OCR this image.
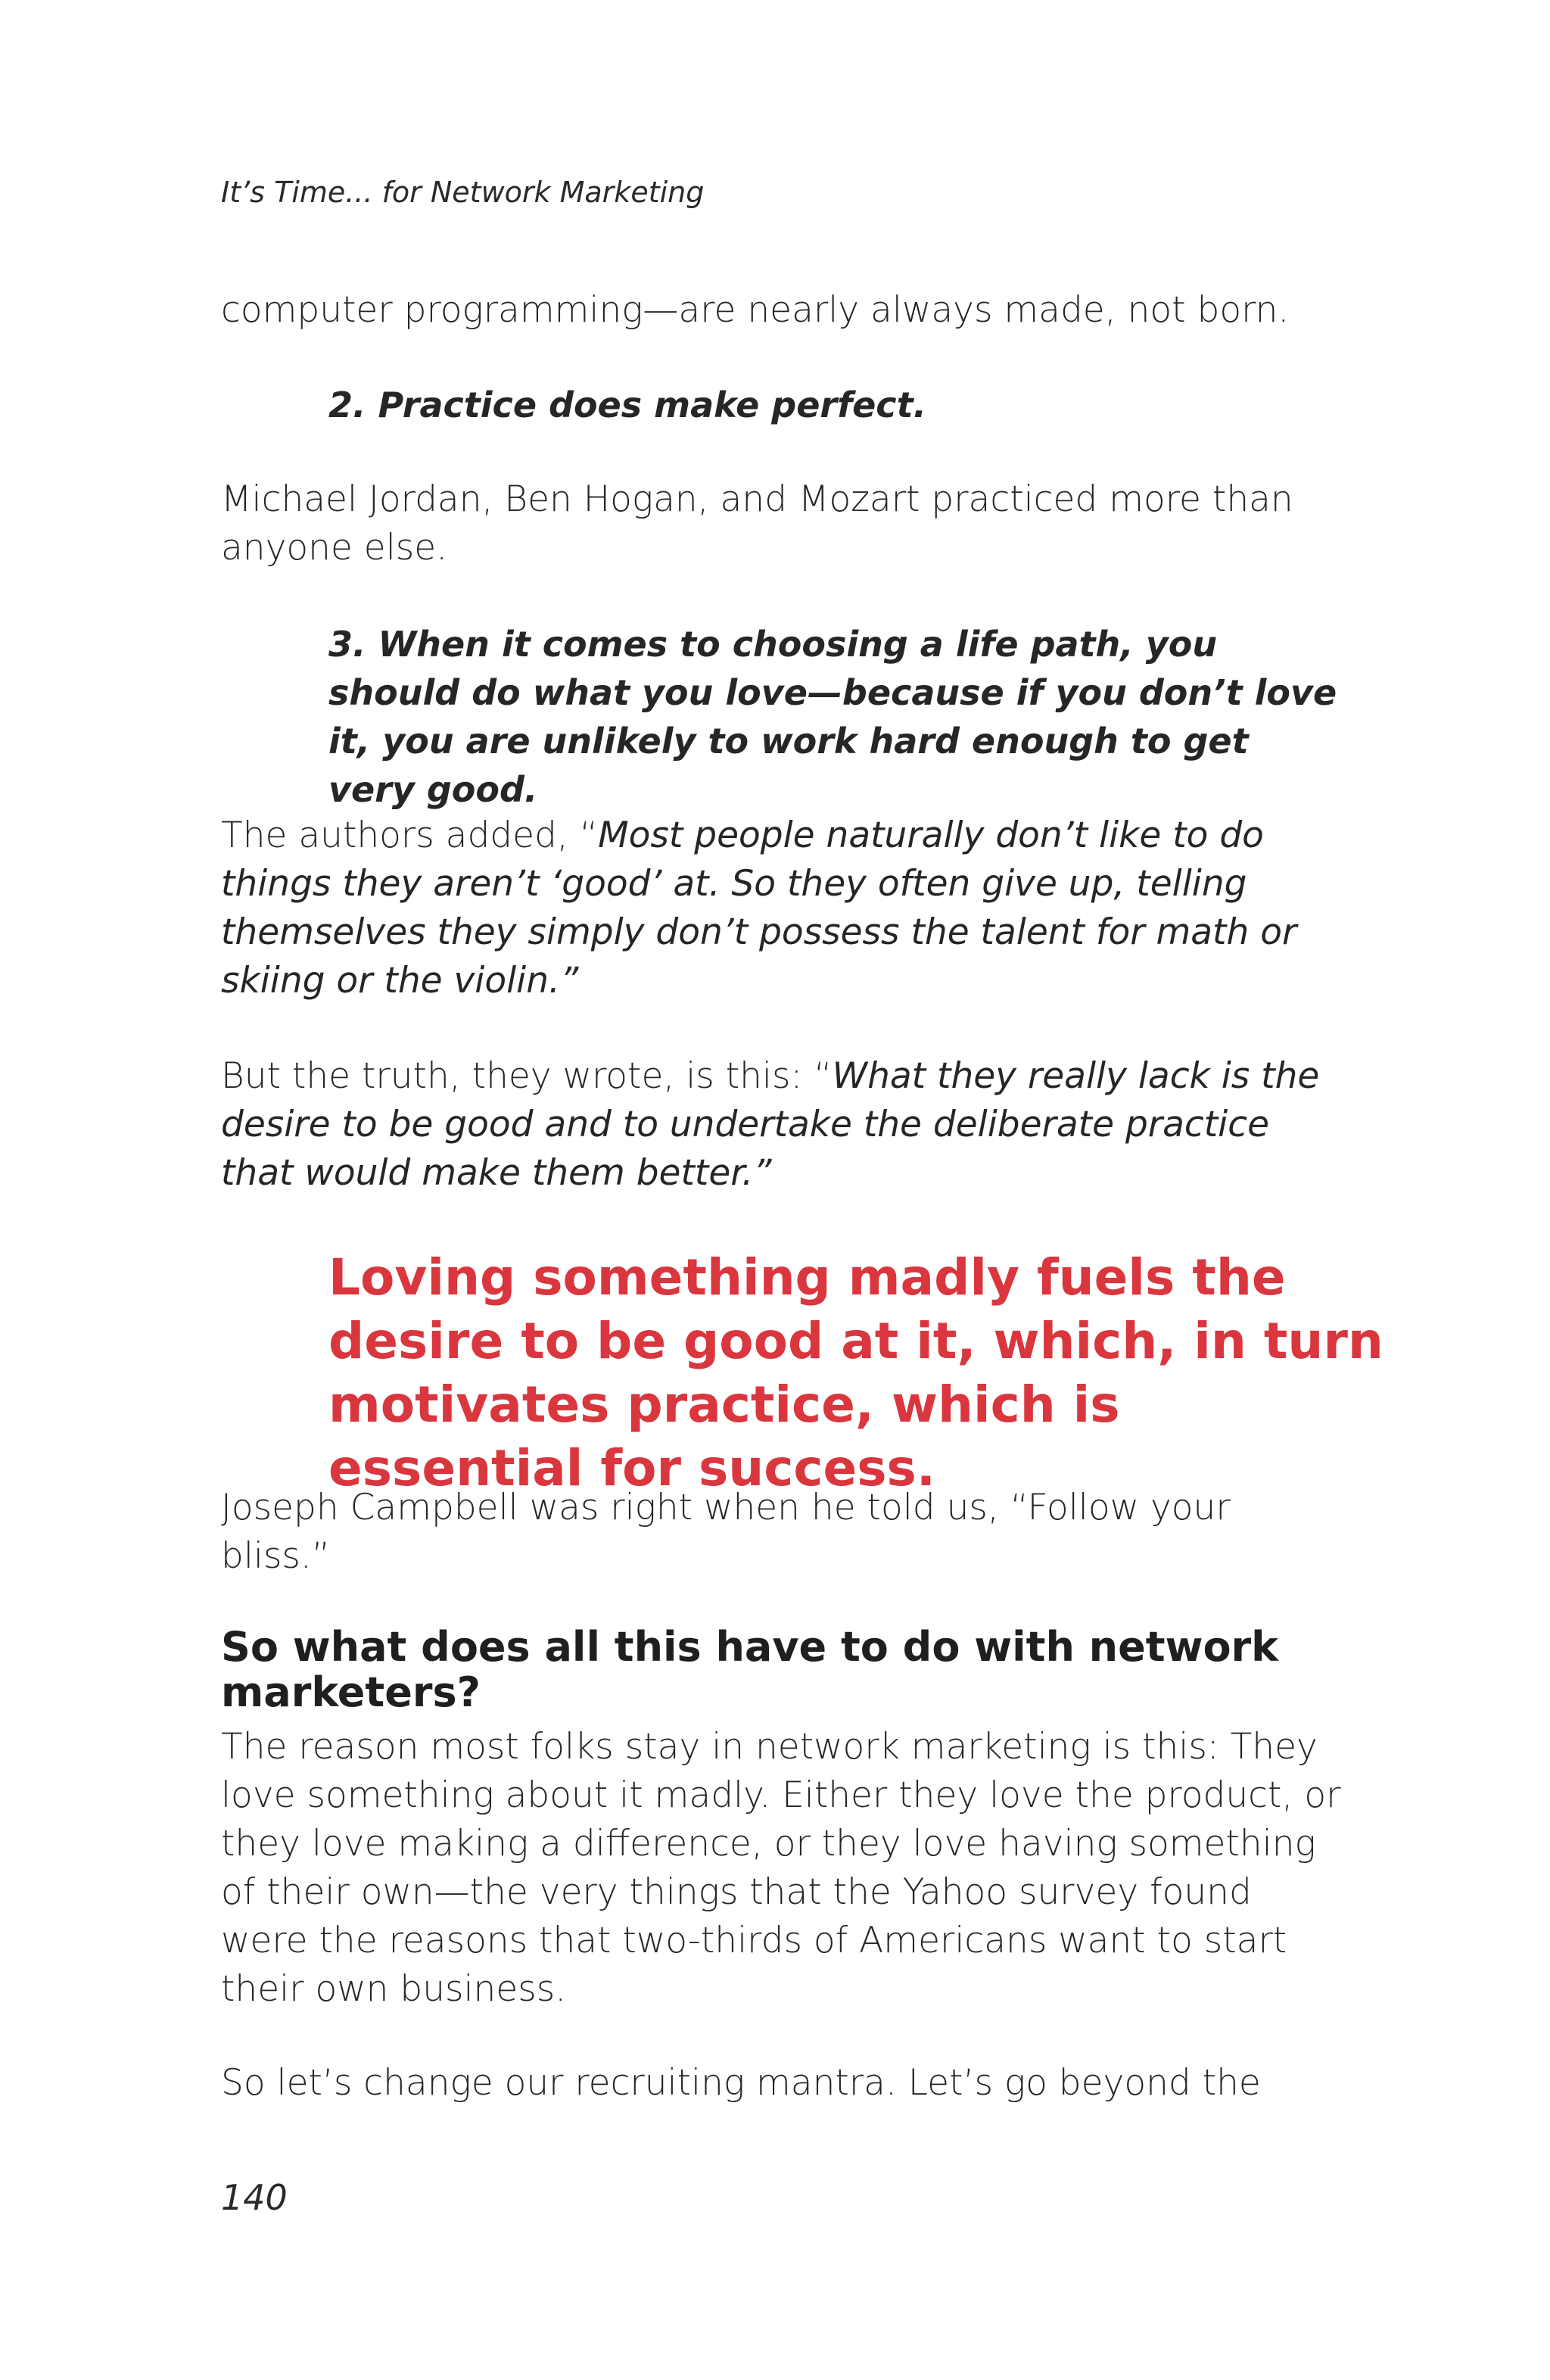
It’s Time... for Network Marketing
computer programming—are nearly always made, not born.
2. Practice does make perfect.
Michael Jordan, Ben Hogan, and Mozart practiced more than anyone else.
3. When it comes to choosing a life path, you should do what you love—because if you don’t love it, you are unlikely to work hard enough to get very good.
The authors added, “Most people naturally don’t like to do things they aren’t ‘good’ at. So they often give up, telling themselves they simply don’t possess the talent for math or skiing or the violin.”
But the truth, they wrote, is this: “What they really lack is the desire to be good and to undertake the deliberate practice that would make them better.”
Loving something madly fuels the desire to be good at it, which, in turn motivates practice, which is essential for success.
Joseph Campbell was right when he told us, “Follow your bliss.”
So what does all this have to do with network marketers?
The reason most folks stay in network marketing is this: They love something about it madly. Either they love the product, or they love making a difference, or they love having something of their own—the very things that the Yahoo survey found were the reasons that two-thirds of Americans want to start their own business.
So let’s change our recruiting mantra. Let’s go beyond the
140
